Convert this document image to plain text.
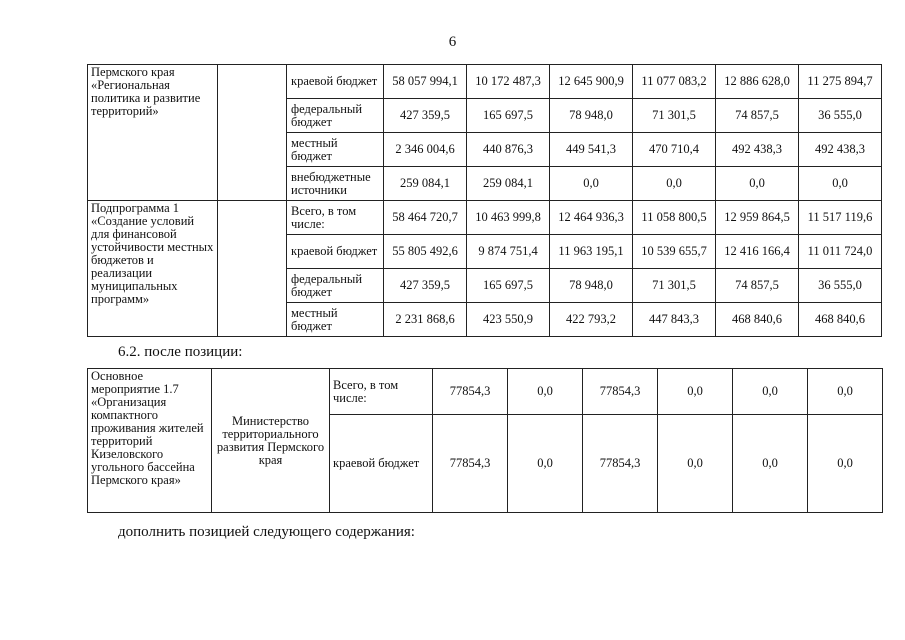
6
Пермского края «Региональная политика и развитие территорий»		краевой бюджет	58 057 994,1	10 172 487,3	12 645 900,9	11 077 083,2	12 886 628,0	11 275 894,7
		федеральный бюджет	427 359,5	165 697,5	78 948,0	71 301,5	74 857,5	36 555,0
		местный бюджет	2 346 004,6	440 876,3	449 541,3	470 710,4	492 438,3	492 438,3
		внебюджетные источники	259 084,1	259 084,1	0,0	0,0	0,0	0,0
Подпрограмма 1 «Создание условий для финансовой устойчивости местных бюджетов и реализации муниципальных программ»		Всего, в том числе:	58 464 720,7	10 463 999,8	12 464 936,3	11 058 800,5	12 959 864,5	11 517 119,6
		краевой бюджет	55 805 492,6	9 874 751,4	11 963 195,1	10 539 655,7	12 416 166,4	11 011 724,0
		федеральный бюджет	427 359,5	165 697,5	78 948,0	71 301,5	74 857,5	36 555,0
		местный бюджет	2 231 868,6	423 550,9	422 793,2	447 843,3	468 840,6	468 840,6
6.2. после позиции:
Основное мероприятие 1.7 «Организация компактного проживания жителей территорий Кизеловского угольного бассейна Пермского края»	Министерство территориального развития Пермского края	Всего, в том числе:	77854,3	0,0	77854,3	0,0	0,0	0,0
		краевой бюджет	77854,3	0,0	77854,3	0,0	0,0	0,0
дополнить позицией следующего содержания:
